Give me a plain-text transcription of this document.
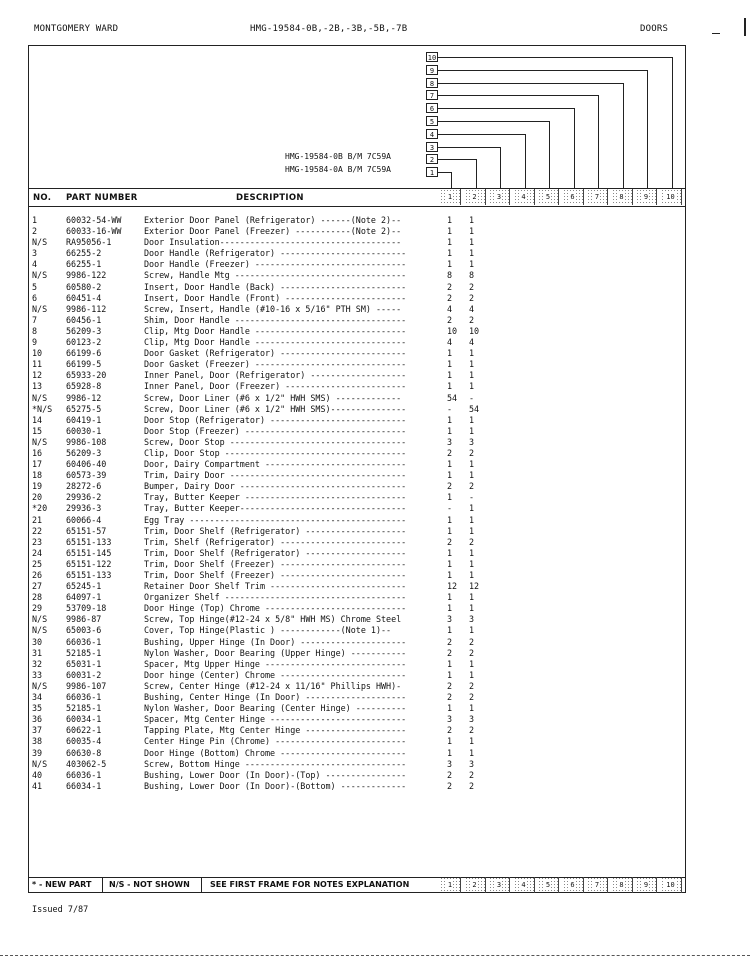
MONTGOMERY WARD	HMG-19584-0B,-2B,-3B,-5B,-7B	DOORS
10
9
8
7
6
5
4
3
2
1
HMG-19584-0B B/M 7C59A
HMG-19584-0A B/M 7C59A
NO. PART NUMBER	DESCRIPTION	1	2	3	4	5	6	7	8	9	10
1	60032-54-WW	Exterior Door Panel (Refrigerator) ------(Note 2)--	1 1
2	60033-16-WW	Exterior Door Panel (Freezer) -----------(Note 2)--	1 1
N/S	RA95056-1	Door Insulation------------------------------------	1 1
3	66255-2	Door Handle (Refrigerator) -------------------------	1 1
4	66255-1	Door Handle (Freezer) ------------------------------	1 1
N/S	9986-122	Screw, Handle Mtg ----------------------------------	8 8
5	60580-2	Insert, Door Handle (Back) -------------------------	2 2
6	60451-4	Insert, Door Handle (Front) ------------------------	2 2
N/S	9986-112	Screw, Insert, Handle (#10-16 x 5/16" PTH SM) -----	4 4
7	60456-1	Shim, Door Handle ----------------------------------	2 2
8	56209-3	Clip, Mtg Door Handle ------------------------------	10 10
9	60123-2	Clip, Mtg Door Handle ------------------------------	4 4
10	66199-6	Door Gasket (Refrigerator) -------------------------	1 1
11	66199-5	Door Gasket (Freezer) ------------------------------	1 1
12	65933-20	Inner Panel, Door (Refrigerator) -------------------	1 1
13	65928-8	Inner Panel, Door (Freezer) ------------------------	1 1
N/S	9986-12	Screw, Door Liner (#6 x 1/2" HWH SMS) -------------	54 -
*N/S	65275-5	Screw, Door Liner (#6 x 1/2" HWH SMS)---------------	- 54
14	60419-1	Door Stop (Refrigerator) ---------------------------	1 1
15	60030-1	Door Stop (Freezer) --------------------------------	1 1
N/S	9986-108	Screw, Door Stop -----------------------------------	3 3
16	56209-3	Clip, Door Stop ------------------------------------	2 2
17	60406-40	Door, Dairy Compartment ----------------------------	1 1
18	60573-39	Trim, Dairy Door -----------------------------------	1 1
19	28272-6	Bumper, Dairy Door ---------------------------------	2 2
20	29936-2	Tray, Butter Keeper --------------------------------	1 -
*20	29936-3	Tray, Butter Keeper---------------------------------	- 1
21	60066-4	Egg Tray -------------------------------------------	1 1
22	65151-57	Trim, Door Shelf (Refrigerator) --------------------	1 1
23	65151-133	Trim, Shelf (Refrigerator) -------------------------	2 2
24	65151-145	Trim, Door Shelf (Refrigerator) --------------------	1 1
25	65151-122	Trim, Door Shelf (Freezer) -------------------------	1 1
26	65151-133	Trim, Door Shelf (Freezer) -------------------------	1 1
27	65245-1	Retainer Door Shelf Trim ---------------------------	12 12
28	64097-1	Organizer Shelf ------------------------------------	1 1
29	53709-18	Door Hinge (Top) Chrome ----------------------------	1 1
N/S	9986-87	Screw, Top Hinge(#12-24 x 5/8" HWH MS) Chrome Steel	3 3
N/S	65003-6	Cover, Top Hinge(Plastic ) ------------(Note 1)--	1 1
30	66036-1	Bushing, Upper Hinge (In Door) ---------------------	2 2
31	52185-1	Nylon Washer, Door Bearing (Upper Hinge) -----------	2 2
32	65031-1	Spacer, Mtg Upper Hinge ----------------------------	1 1
33	60031-2	Door hinge (Center) Chrome -------------------------	1 1
N/S	9986-107	Screw, Center Hinge (#12-24 x 11/16" Phillips HWH)-	2 2
34	66036-1	Bushing, Center Hinge (In Door) --------------------	2 2
35	52185-1	Nylon Washer, Door Bearing (Center Hinge) ----------	1 1
36	60034-1	Spacer, Mtg Center Hinge ---------------------------	3 3
37	60622-1	Tapping Plate, Mtg Center Hinge --------------------	2 2
38	60035-4	Center Hinge Pin (Chrome) --------------------------	1 1
39	60630-8	Door Hinge (Bottom) Chrome -------------------------	1 1
N/S	403062-5	Screw, Bottom Hinge --------------------------------	3 3
40	66036-1	Bushing, Lower Door (In Door)-(Top) ----------------	2 2
41	66034-1	Bushing, Lower Door (In Door)-(Bottom) -------------	2 2
* - NEW PART N/S - NOT SHOWN	SEE FIRST FRAME FOR NOTES EXPLANATION	1	2	3	4	5	6	7	8	9	10
Issued 7/87
